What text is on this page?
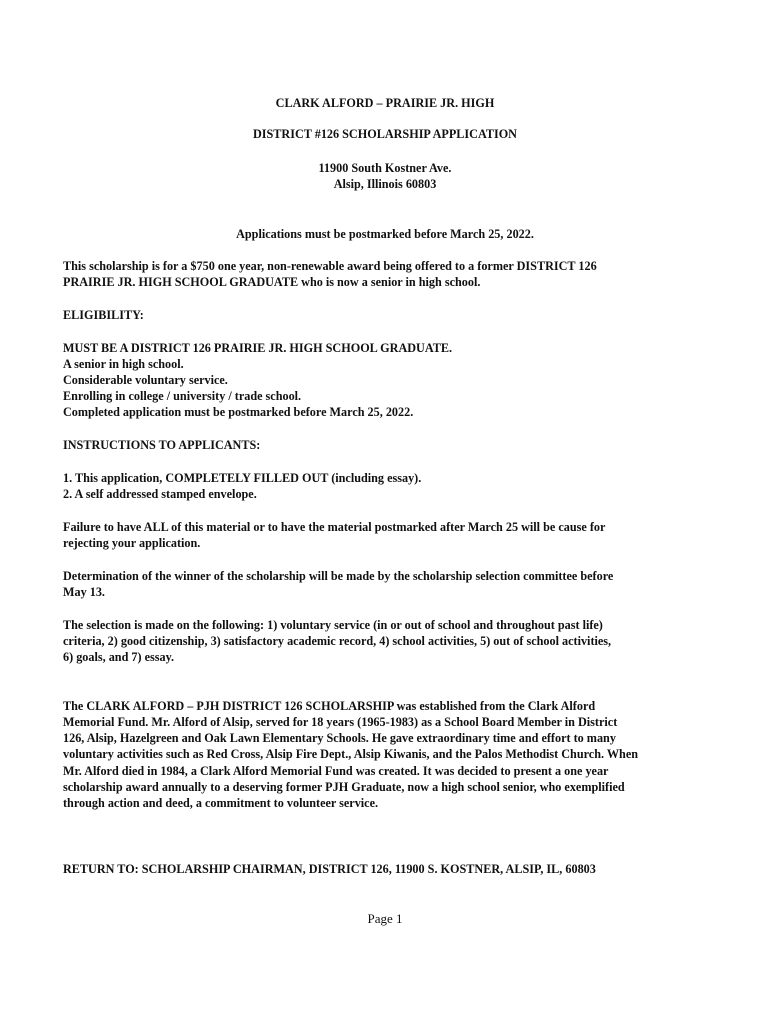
CLARK ALFORD – PRAIRIE JR. HIGH
DISTRICT #126 SCHOLARSHIP APPLICATION
11900 South Kostner Ave.
Alsip, Illinois 60803
Applications must be postmarked before March 25, 2022.
This scholarship is for a $750 one year, non-renewable award being offered to a former DISTRICT 126
PRAIRIE JR. HIGH SCHOOL GRADUATE who is now a senior in high school.
ELIGIBILITY:
MUST BE A DISTRICT 126 PRAIRIE JR. HIGH SCHOOL GRADUATE.
A senior in high school.
Considerable voluntary service.
Enrolling in college / university / trade school.
Completed application must be postmarked before March 25, 2022.
INSTRUCTIONS TO APPLICANTS:
1. This application, COMPLETELY FILLED OUT (including essay).
2. A self addressed stamped envelope.
Failure to have ALL of this material or to have the material postmarked after March 25 will be cause for
rejecting your application.
Determination of the winner of the scholarship will be made by the scholarship selection committee before
May 13.
The selection is made on the following: 1) voluntary service (in or out of school and throughout past life)
criteria, 2) good citizenship, 3) satisfactory academic record, 4) school activities, 5) out of school activities,
6) goals, and 7) essay.
The CLARK ALFORD – PJH DISTRICT 126 SCHOLARSHIP was established from the Clark Alford
Memorial Fund. Mr. Alford of Alsip, served for 18 years (1965-1983) as a School Board Member in District
126, Alsip, Hazelgreen and Oak Lawn Elementary Schools. He gave extraordinary time and effort to many
voluntary activities such as Red Cross, Alsip Fire Dept., Alsip Kiwanis, and the Palos Methodist Church. When
Mr. Alford died in 1984, a Clark Alford Memorial Fund was created. It was decided to present a one year
scholarship award annually to a deserving former PJH Graduate, now a high school senior, who exemplified
through action and deed, a commitment to volunteer service.
RETURN TO: SCHOLARSHIP CHAIRMAN, DISTRICT 126, 11900 S. KOSTNER, ALSIP, IL, 60803
Page 1
